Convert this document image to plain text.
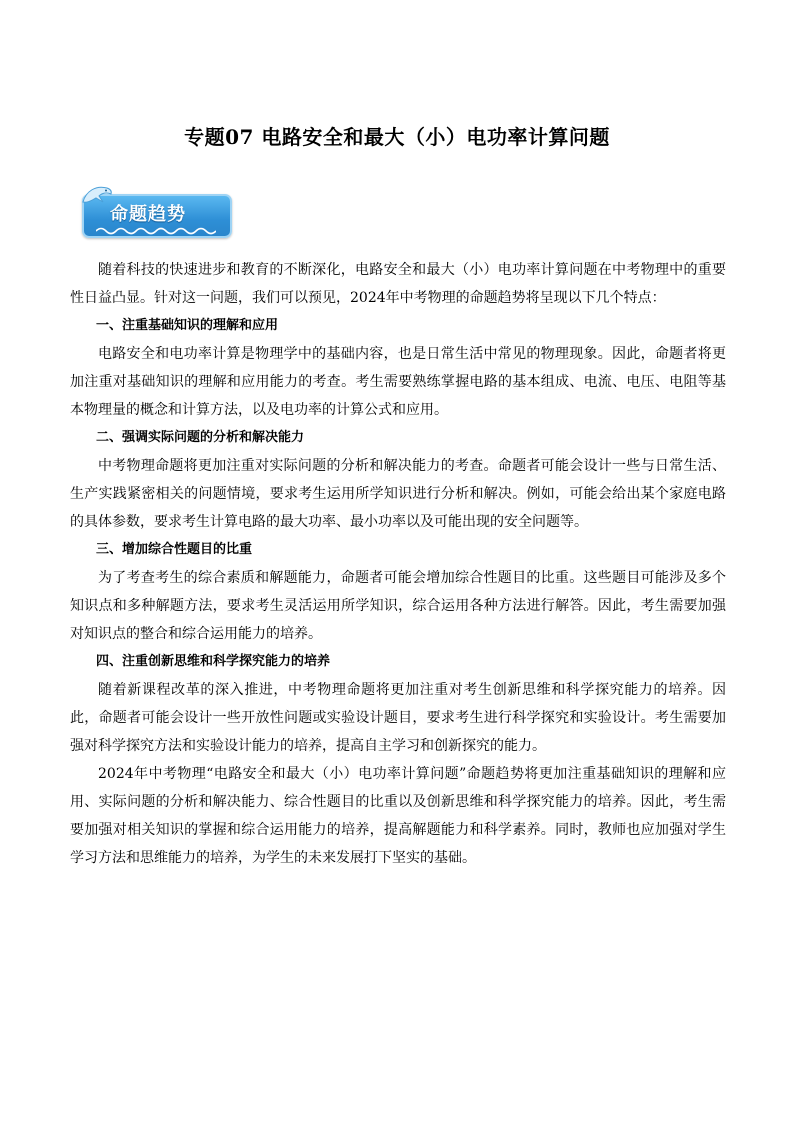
专题07 电路安全和最大（小）电功率计算问题
命题趋势

随着科技的快速进步和教育的不断深化，电路安全和最大（小）电功率计算问题在中考物理中的重要性日益凸显。针对这一问题，我们可以预见，2024年中考物理的命题趋势将呈现以下几个特点：

一、注重基础知识的理解和应用

电路安全和电功率计算是物理学中的基础内容，也是日常生活中常见的物理现象。因此，命题者将更加注重对基础知识的理解和应用能力的考查。考生需要熟练掌握电路的基本组成、电流、电压、电阻等基本物理量的概念和计算方法，以及电功率的计算公式和应用。

二、强调实际问题的分析和解决能力

中考物理命题将更加注重对实际问题的分析和解决能力的考查。命题者可能会设计一些与日常生活、生产实践紧密相关的问题情境，要求考生运用所学知识进行分析和解决。例如，可能会给出某个家庭电路的具体参数，要求考生计算电路的最大功率、最小功率以及可能出现的安全问题等。

三、增加综合性题目的比重

为了考查考生的综合素质和解题能力，命题者可能会增加综合性题目的比重。这些题目可能涉及多个知识点和多种解题方法，要求考生灵活运用所学知识，综合运用各种方法进行解答。因此，考生需要加强对知识点的整合和综合运用能力的培养。

四、注重创新思维和科学探究能力的培养

随着新课程改革的深入推进，中考物理命题将更加注重对考生创新思维和科学探究能力的培养。因此，命题者可能会设计一些开放性问题或实验设计题目，要求考生进行科学探究和实验设计。考生需要加强对科学探究方法和实验设计能力的培养，提高自主学习和创新探究的能力。

2024年中考物理“电路安全和最大（小）电功率计算问题”命题趋势将更加注重基础知识的理解和应用、实际问题的分析和解决能力、综合性题目的比重以及创新思维和科学探究能力的培养。因此，考生需要加强对相关知识的掌握和综合运用能力的培养，提高解题能力和科学素养。同时，教师也应加强对学生学习方法和思维能力的培养，为学生的未来发展打下坚实的基础。
